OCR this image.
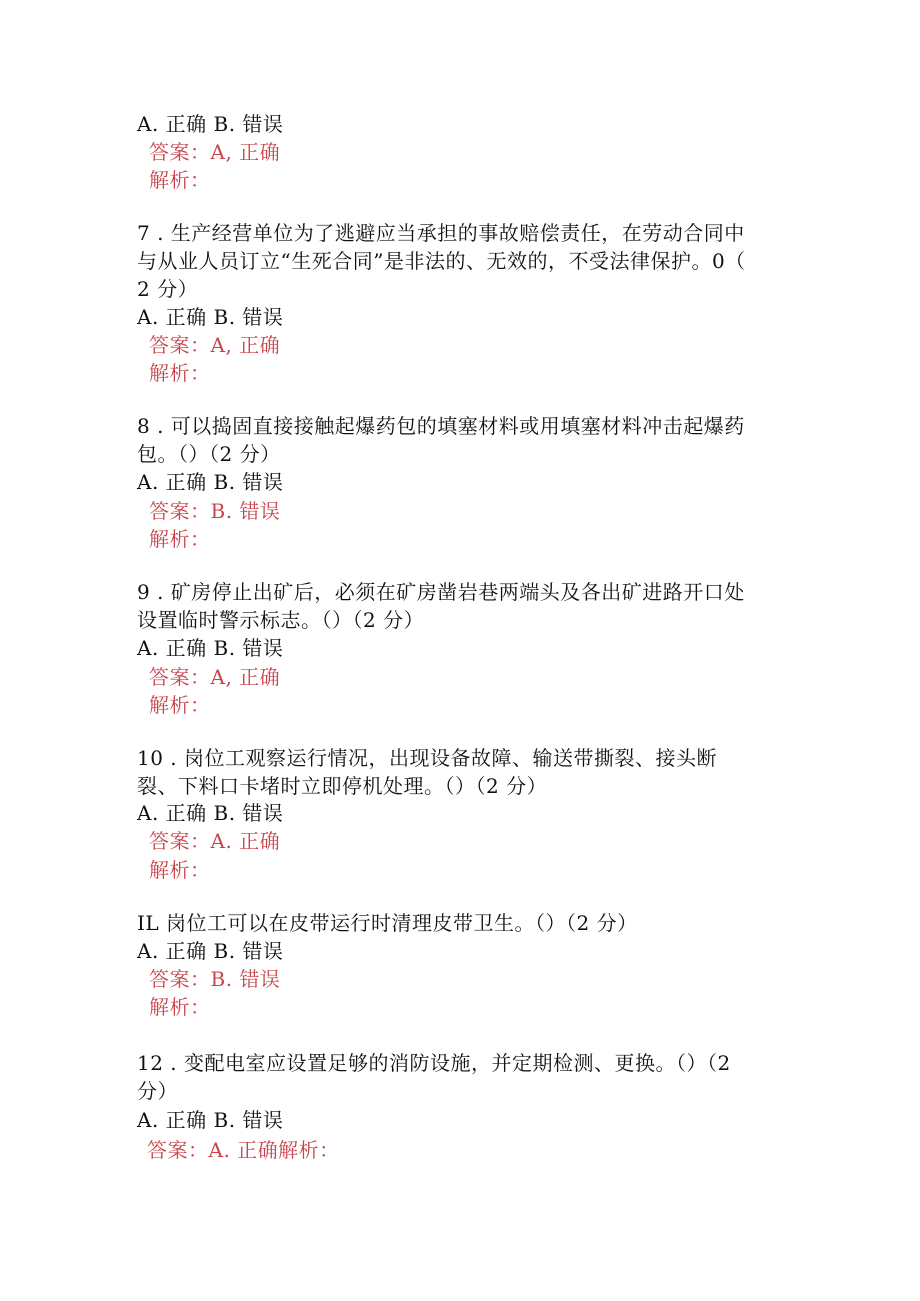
A. 正确 B. 错误
答案：A, 正确
解析：
7 . 生产经营单位为了逃避应当承担的事故赔偿责任，在劳动合同中
与从业人员订立“生死合同”是非法的、无效的，不受法律保护。0（
2 分）
A. 正确 B. 错误
答案：A, 正确
解析：
8 . 可以捣固直接接触起爆药包的填塞材料或用填塞材料冲击起爆药
包。（）（2 分）
A. 正确 B. 错误
答案：B. 错误
解析：
9 . 矿房停止出矿后，必须在矿房凿岩巷两端头及各出矿进路开口处
设置临时警示标志。（）（2 分）
A. 正确 B. 错误
答案：A, 正确
解析：
10 . 岗位工观察运行情况，出现设备故障、输送带撕裂、接头断
裂、下料口卡堵时立即停机处理。（）（2 分）
A. 正确 B. 错误
答案：A. 正确
解析：
IL 岗位工可以在皮带运行时清理皮带卫生。（）（2 分）
A. 正确 B. 错误
答案：B. 错误
解析：
12 . 变配电室应设置足够的消防设施，并定期检测、更换。（）（2
分）
A. 正确 B. 错误
答案：A. 正确解析：
